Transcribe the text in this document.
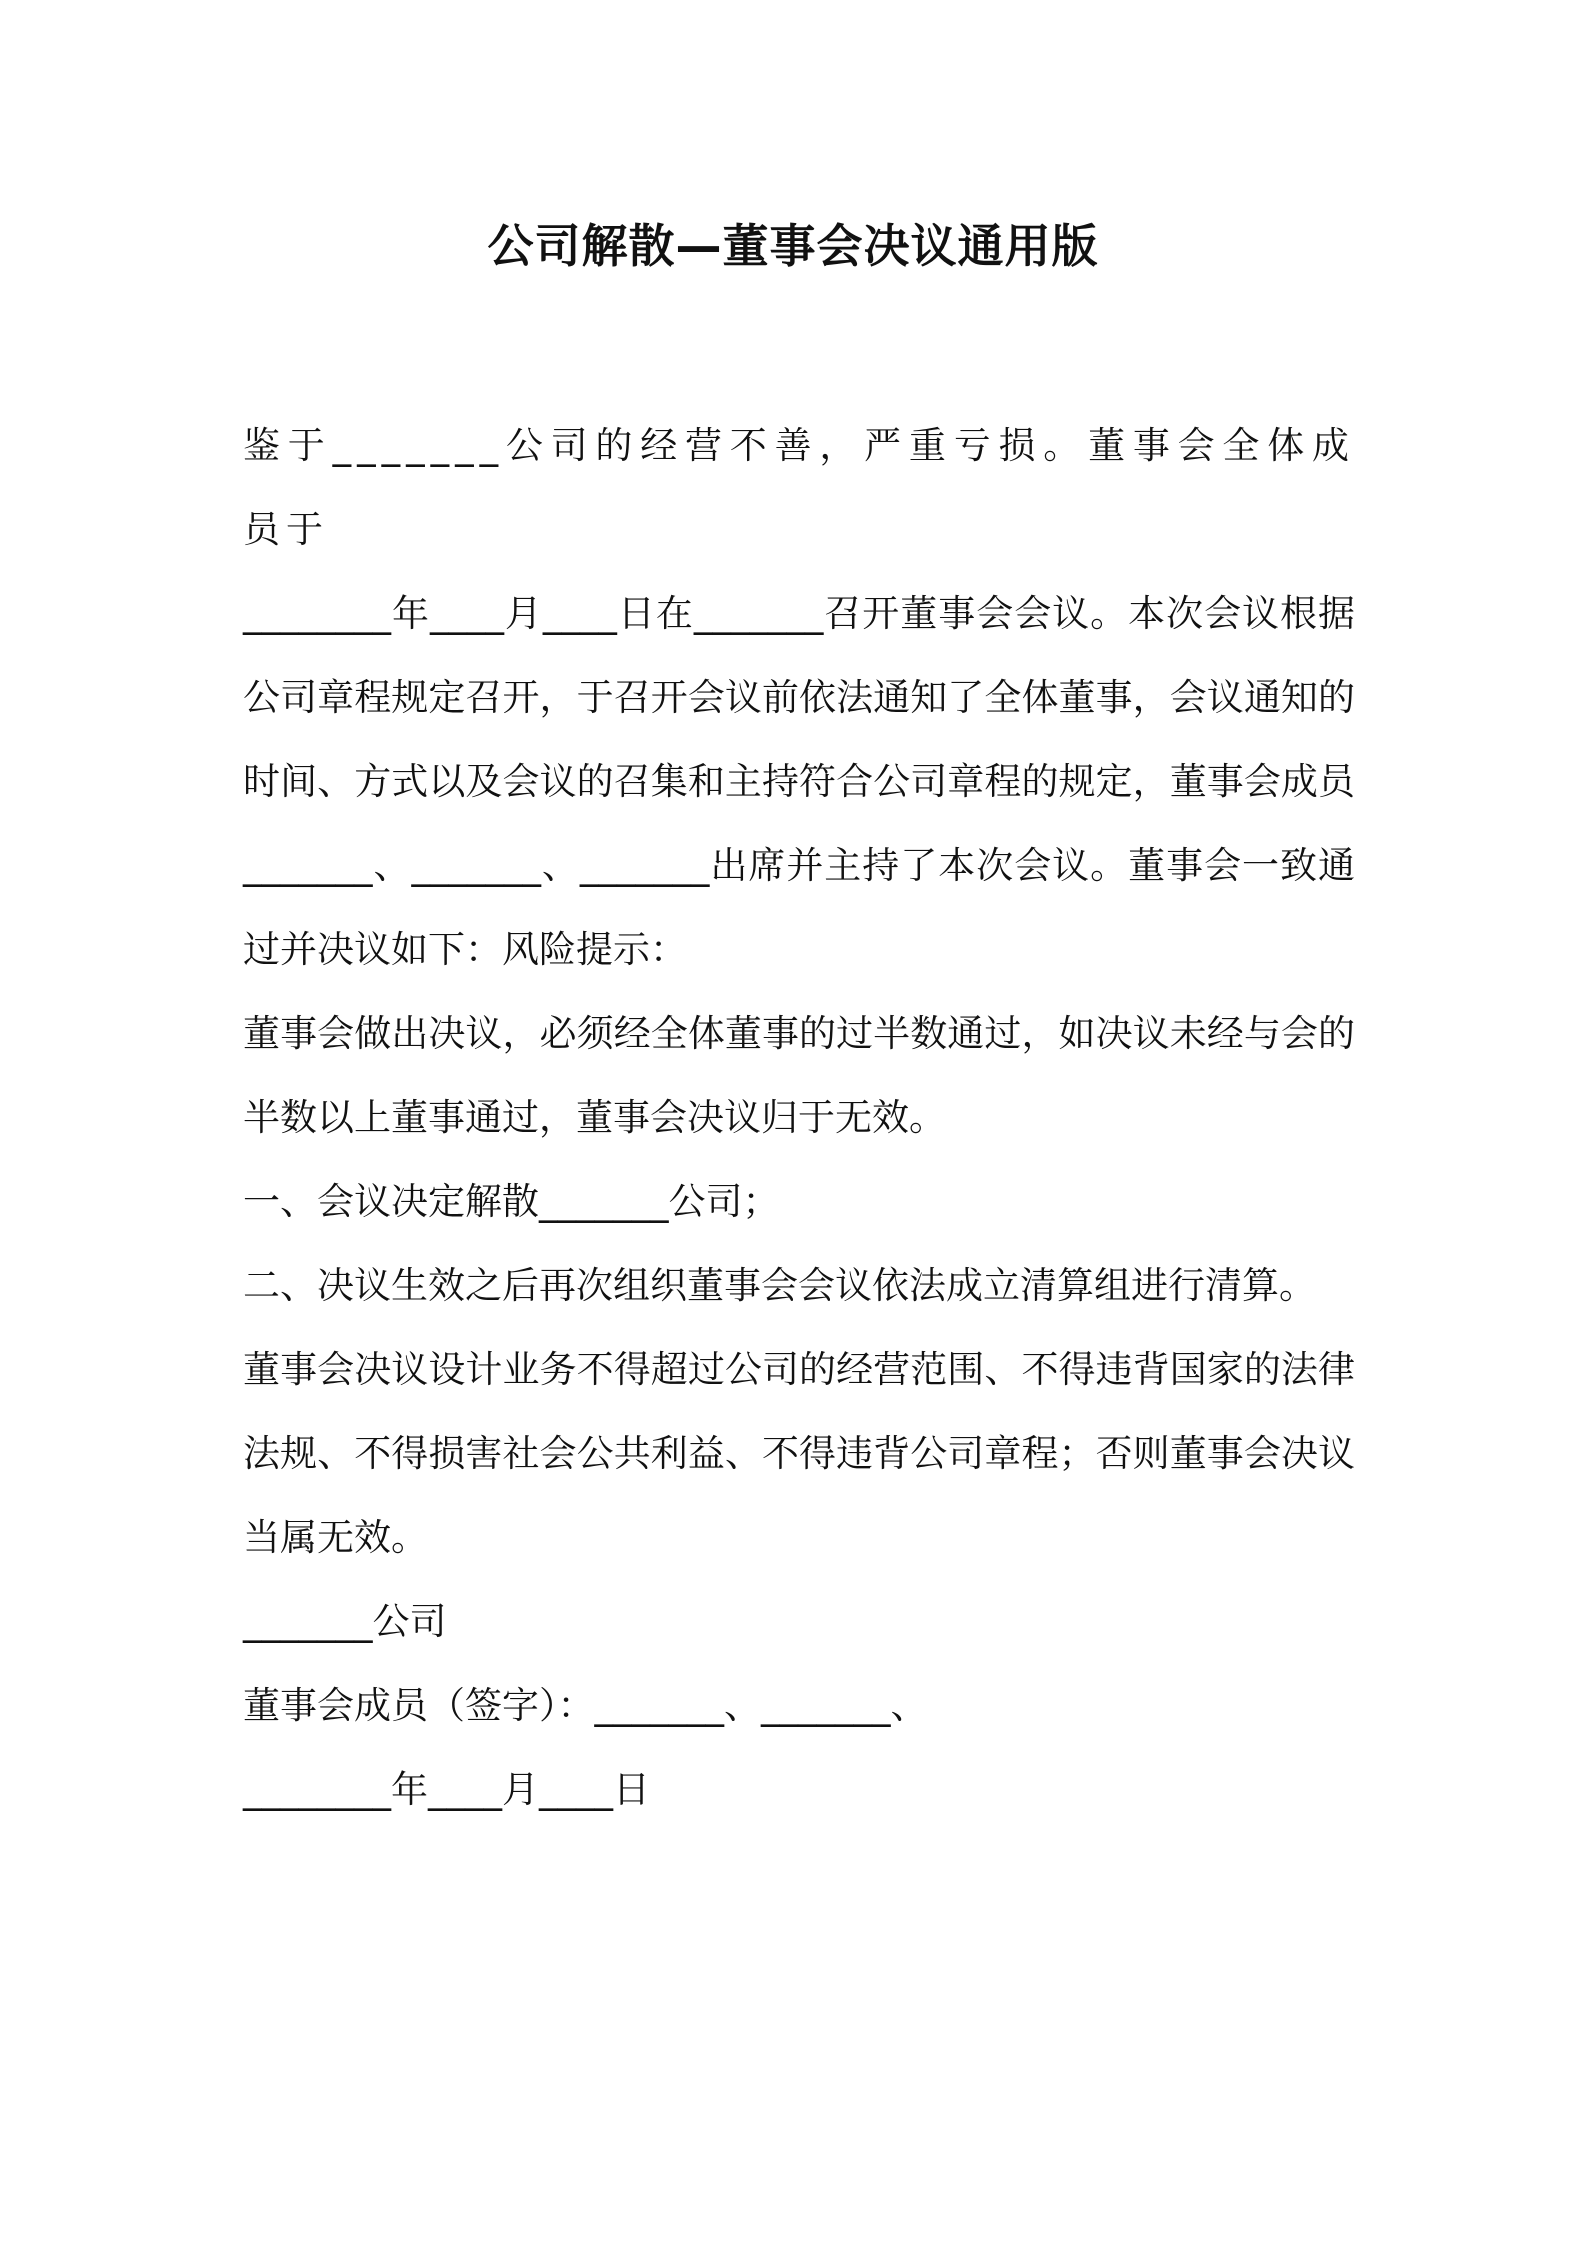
公司解散—董事会决议通用版

鉴于_______公司的经营不善，严重亏损。董事会全体成员于

________年____月____日在_______召开董事会会议。本次会议根据公司章程规定召开，于召开会议前依法通知了全体董事，会议通知的时间、方式以及会议的召集和主持符合公司章程的规定，董事会成员_______、_______、_______出席并主持了本次会议。董事会一致通过并决议如下：风险提示：

董事会做出决议，必须经全体董事的过半数通过，如决议未经与会的半数以上董事通过，董事会决议归于无效。

一、会议决定解散_______公司；

二、决议生效之后再次组织董事会会议依法成立清算组进行清算。

董事会决议设计业务不得超过公司的经营范围、不得违背国家的法律法规、不得损害社会公共利益、不得违背公司章程；否则董事会决议当属无效。

_______公司

董事会成员（签字）：_______、_______、

________年____月____日
